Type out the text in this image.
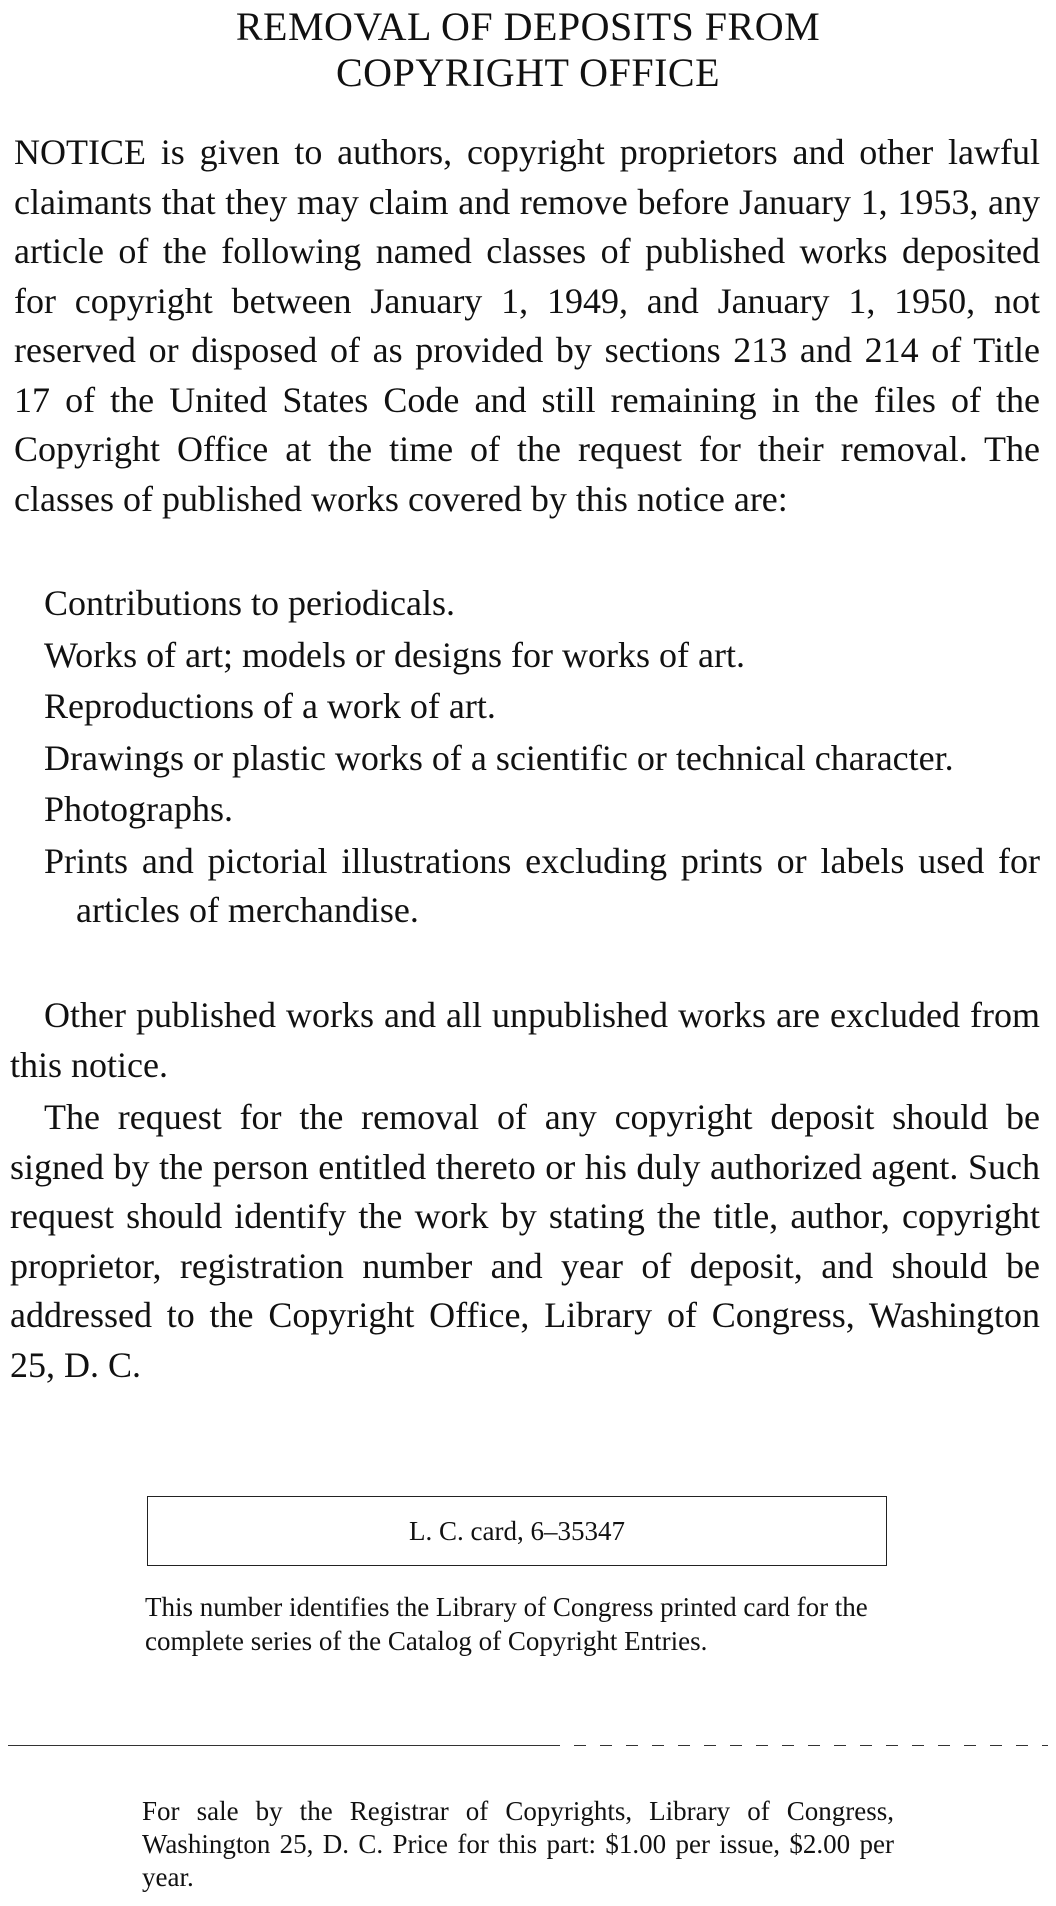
REMOVAL OF DEPOSITS FROM
COPYRIGHT OFFICE
NOTICE is given to authors, copyright proprietors and other lawful claimants that they may claim and remove before January 1, 1953, any article of the following named classes of published works deposited for copyright between January 1, 1949, and January 1, 1950, not reserved or disposed of as provided by sections 213 and 214 of Title 17 of the United States Code and still remaining in the files of the Copyright Office at the time of the request for their removal. The classes of published works covered by this notice are:
Contributions to periodicals.
Works of art; models or designs for works of art.
Reproductions of a work of art.
Drawings or plastic works of a scientific or technical character.
Photographs.
Prints and pictorial illustrations excluding prints or labels used for articles of merchandise.
Other published works and all unpublished works are excluded from this notice.
The request for the removal of any copyright deposit should be signed by the person entitled thereto or his duly authorized agent. Such request should identify the work by stating the title, author, copyright proprietor, registration number and year of deposit, and should be addressed to the Copyright Office, Library of Congress, Washington 25, D. C.
L. C. card, 6–35347
This number identifies the Library of Congress printed card for the complete series of the Catalog of Copyright Entries.
For sale by the Registrar of Copyrights, Library of Congress, Washington 25, D. C. Price for this part: $1.00 per issue, $2.00 per year.
